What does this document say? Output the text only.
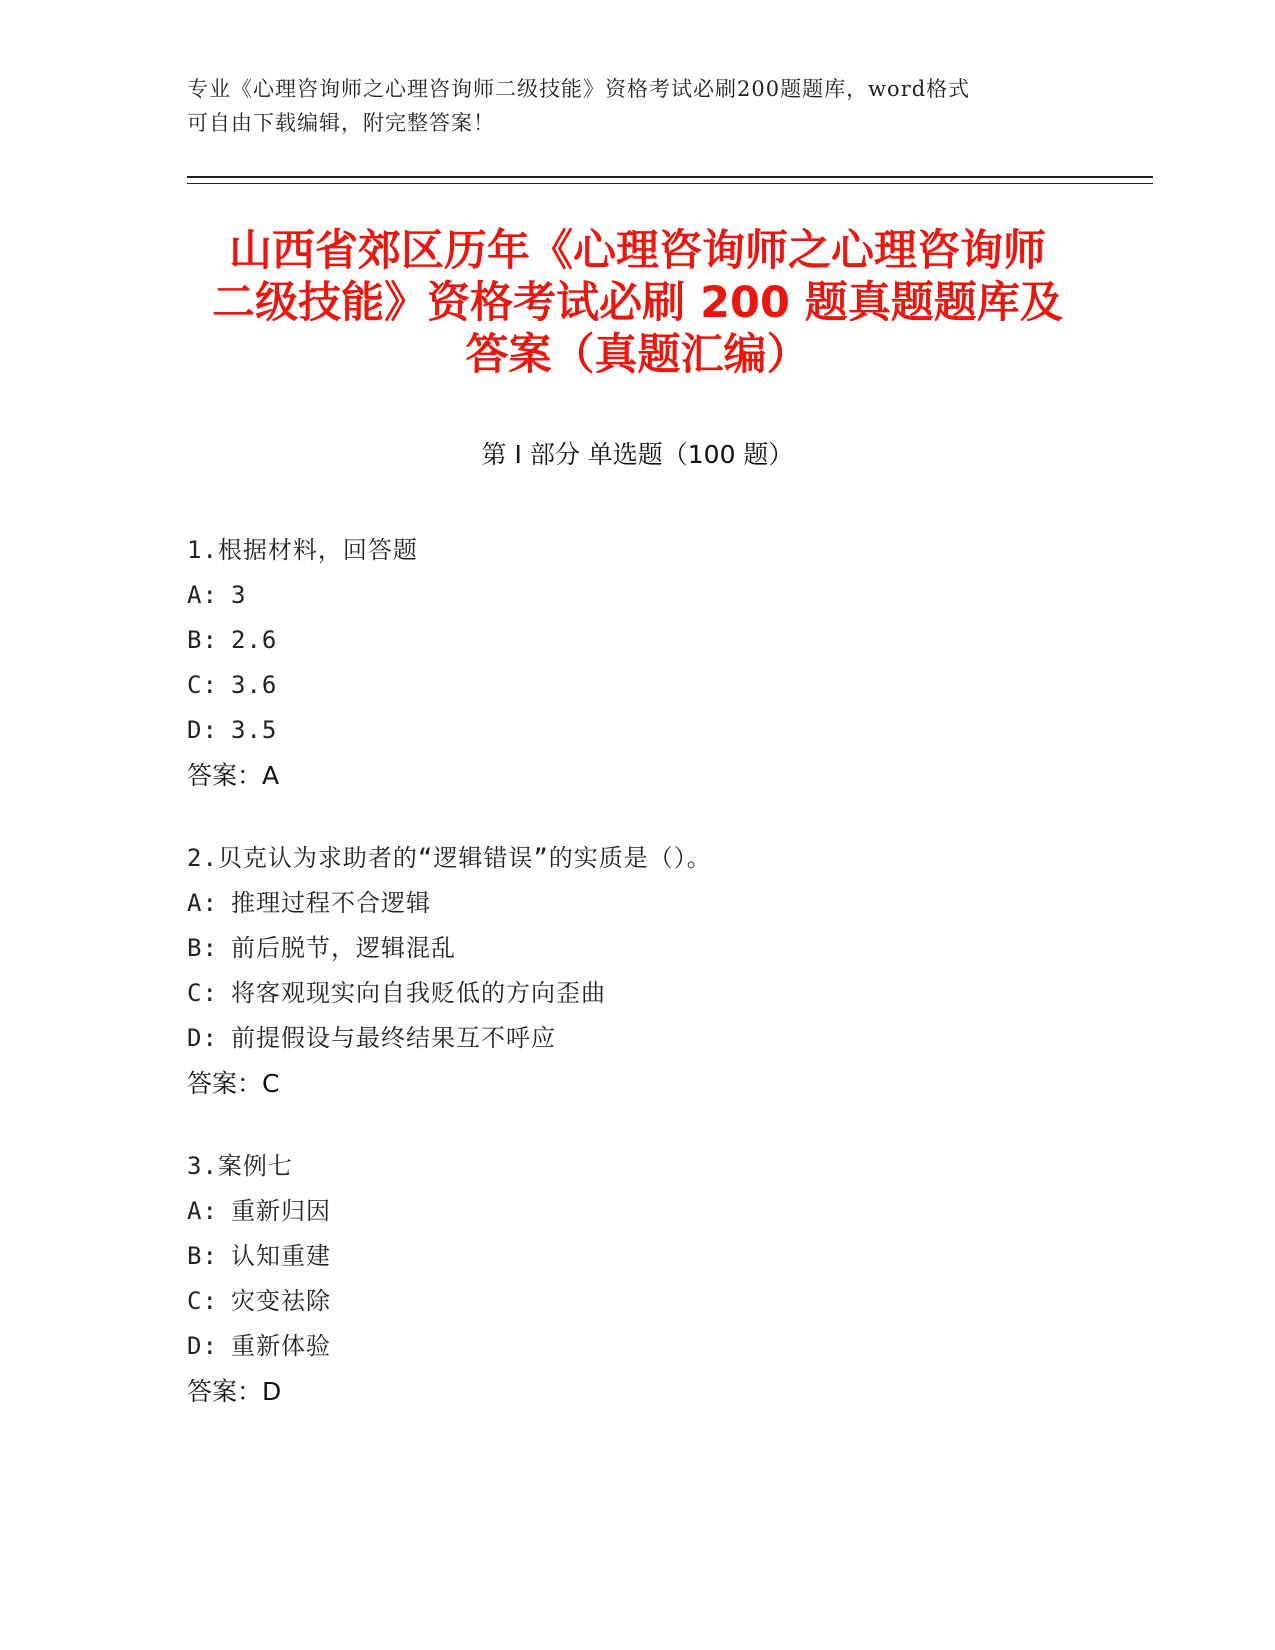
专业《心理咨询师之心理咨询师二级技能》资格考试必刷200题题库，word格式
可自由下载编辑，附完整答案！
山西省郊区历年《心理咨询师之心理咨询师
二级技能》资格考试必刷 200 题真题题库及
答案（真题汇编）
第 I 部分 单选题（100 题）
1.根据材料，回答题
A: 3
B: 2.6
C: 3.6
D: 3.5
答案：A
2.贝克认为求助者的“逻辑错误”的实质是（）。
A: 推理过程不合逻辑
B: 前后脱节，逻辑混乱
C: 将客观现实向自我贬低的方向歪曲
D: 前提假设与最终结果互不呼应
答案：C
3.案例七
A: 重新归因
B: 认知重建
C: 灾变祛除
D: 重新体验
答案：D
